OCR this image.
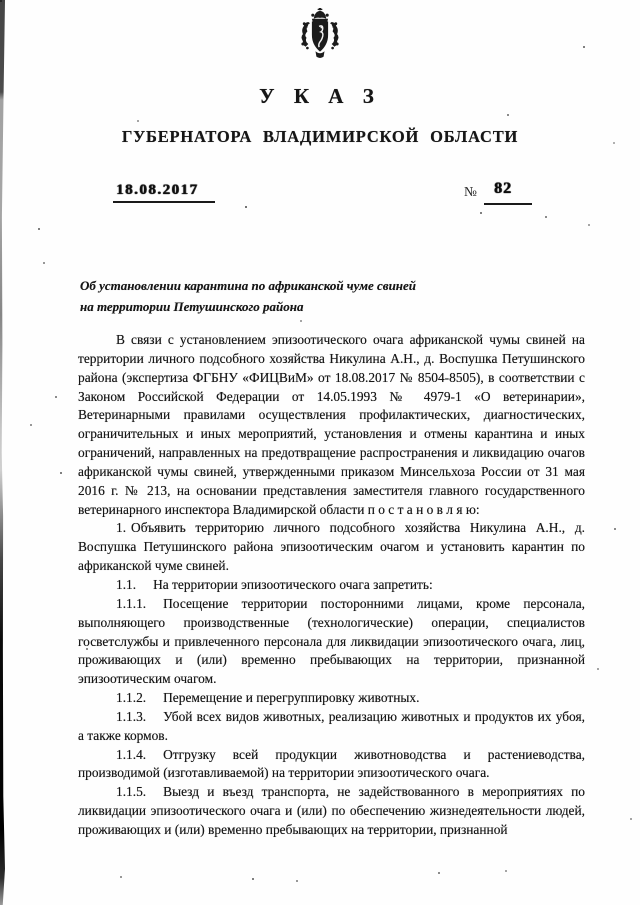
У К А З
ГУБЕРНАТОРА ВЛАДИМИРСКОЙ ОБЛАСТИ
18.08.2017	№	82
Об установлении карантина по африканской чуме свиней на территории Петушинского района

В связи с установлением эпизоотического очага африканской чумы свиней на территории личного подсобного хозяйства Никулина А.Н., д. Воспушка Петушинского района (экспертиза ФГБНУ «ФИЦВиМ» от 18.08.2017 № 8504-8505), в соответствии с Законом Российской Федерации от 14.05.1993 № 4979-1 «О ветеринарии», Ветеринарными правилами осуществления профилактических, диагностических, ограничительных и иных мероприятий, установления и отмены карантина и иных ограничений, направленных на предотвращение распространения и ликвидацию очагов африканской чумы свиней, утвержденными приказом Минсельхоза России от 31 мая 2016 г. № 213, на основании представления заместителя главного государственного ветеринарного инспектора Владимирской области п о с т а н о в л я ю:

1. Объявить территорию личного подсобного хозяйства Никулина А.Н., д. Воспушка Петушинского района эпизоотическим очагом и установить карантин по африканской чуме свиней.

1.1. На территории эпизоотического очага запретить:

1.1.1. Посещение территории посторонними лицами, кроме персонала, выполняющего производственные (технологические) операции, специалистов госветслужбы и привлеченного персонала для ликвидации эпизоотического очага, лиц, проживающих и (или) временно пребывающих на территории, признанной эпизоотическим очагом.

1.1.2. Перемещение и перегруппировку животных.

1.1.3. Убой всех видов животных, реализацию животных и продуктов их убоя, а также кормов.

1.1.4. Отгрузку всей продукции животноводства и растениеводства, производимой (изготавливаемой) на территории эпизоотического очага.

1.1.5. Выезд и въезд транспорта, не задействованного в мероприятиях по ликвидации эпизоотического очага и (или) по обеспечению жизнедеятельности людей, проживающих и (или) временно пребывающих на территории, признанной
